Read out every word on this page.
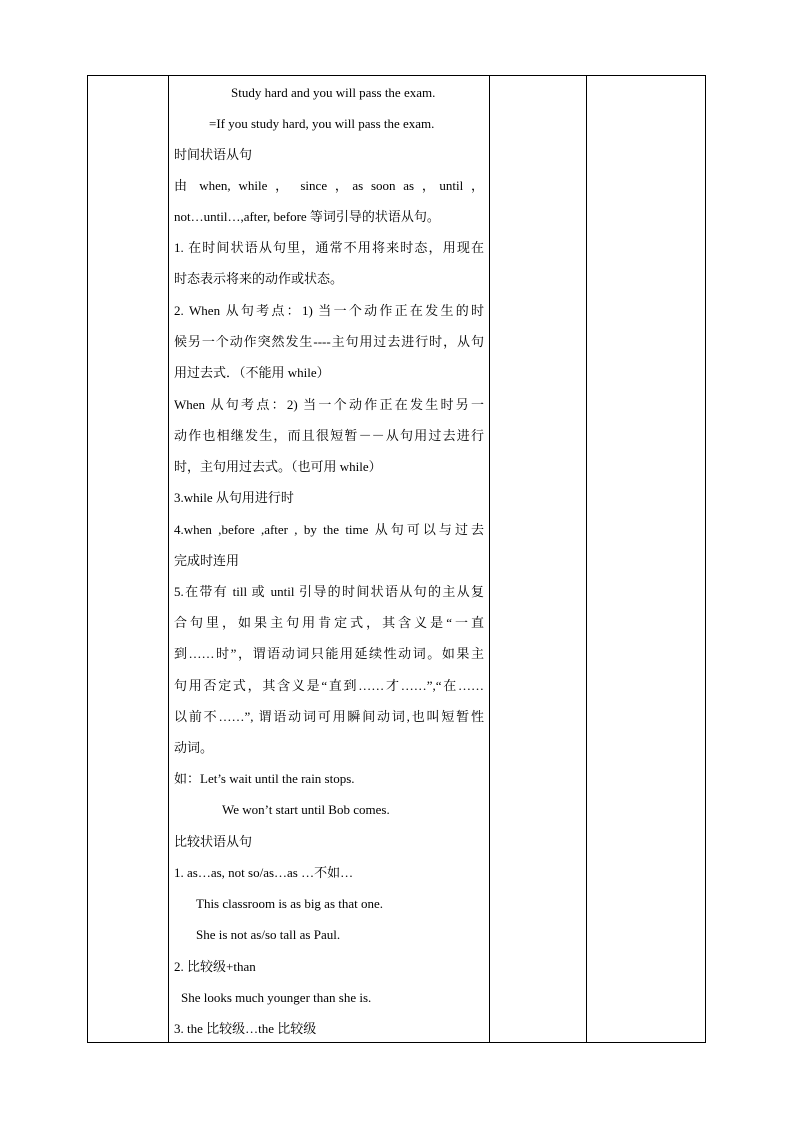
Study hard and you will pass the exam.
=If you study hard, you will pass the exam.
时间状语从句
由 when, while ， since ，as soon as ，until ，
not…until…,after, before 等词引导的状语从句。
1. 在时间状语从句里，通常不用将来时态，用现在
时态表示将来的动作或状态。
2. When 从句考点：1) 当一个动作正在发生的时
候另一个动作突然发生----主句用过去进行时，从句
用过去式．（不能用 while）
When 从句考点：2) 当一个动作正在发生时另一
动作也相继发生，而且很短暂－－从句用过去进行
时，主句用过去式。（也可用 while）
3.while 从句用进行时
4.when ,before ,after , by the time 从句可以与过去
完成时连用
5.在带有 till 或 until 引导的时间状语从句的主从复
合句里，如果主句用肯定式，其含义是“一直
到……时”，谓语动词只能用延续性动词。如果主
句用否定式，其含义是“直到……才……”,“在……
以前不……”, 谓语动词可用瞬间动词,也叫短暂性
动词。
如：Let’s wait until the rain stops.
We won’t start until Bob comes.
比较状语从句
1. as…as, not so/as…as …不如…
This classroom is as big as that one.
She is not as/so tall as Paul.
2. 比较级+than
She looks much younger than she is.
3. the 比较级…the 比较级
